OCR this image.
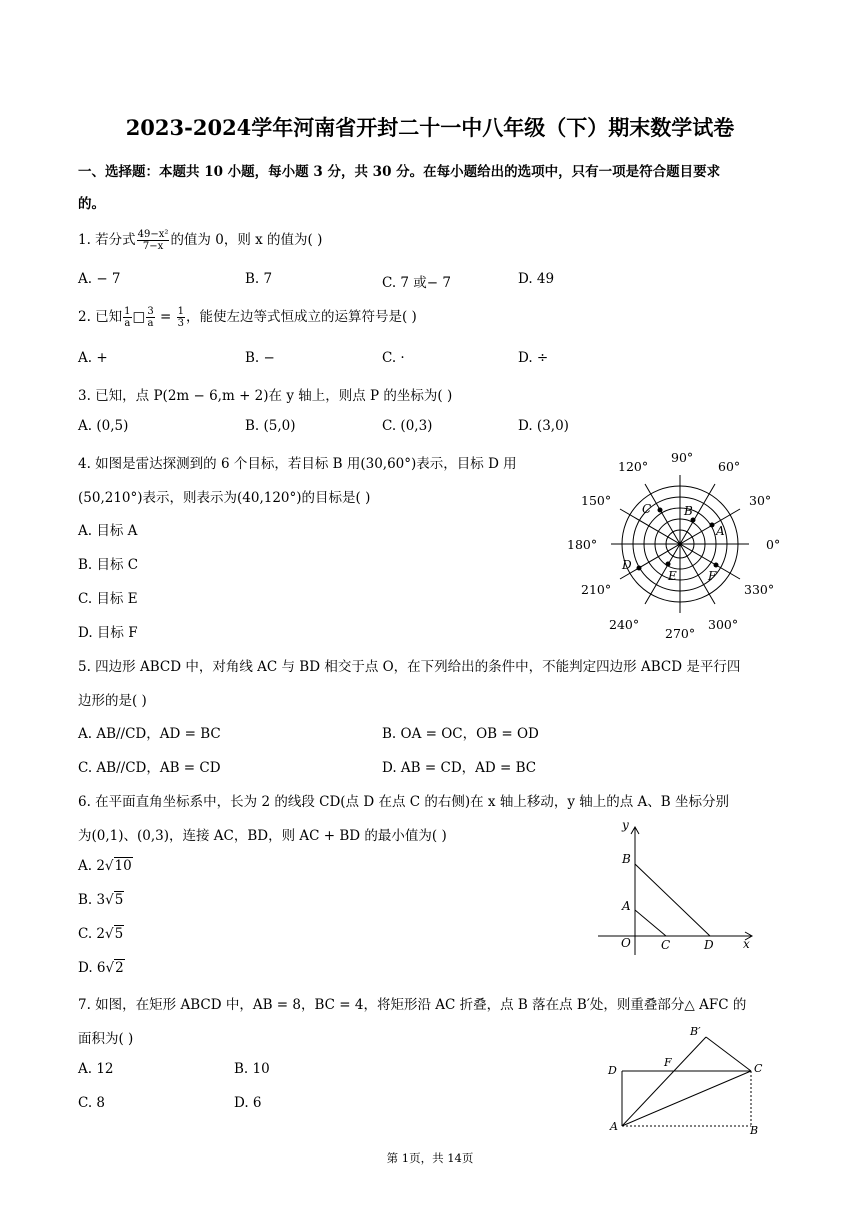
2023-2024学年河南省开封二十一中八年级（下）期末数学试卷
一、选择题：本题共 10 小题，每小题 3 分，共 30 分。在每小题给出的选项中，只有一项是符合题目要求
的。
1. 若分式 $\frac{\text{49−x²}}{7-x}$ 的值为 0，则 x 的值为( )
A. − 7	B. 7	C. 7 或− 7	D. 49
2. 已知 $\frac{1}{a}$ □ $\frac{3}{a} = \frac{1}{3}$ ，能使左边等式恒成立的运算符号是( )
A. +	B. −	C. ·	D. ÷
3. 已知，点 P(2m − 6,m + 2)在 y 轴上，则点 P 的坐标为( )
A. (0,5)	B. (5,0)	C. (0,3)	D. (3,0)
4. 如图是雷达探测到的 6 个目标，若目标 B 用(30,60°)表示，目标 D 用
(50,210°)表示，则表示为(40,120°)的目标是( )
A. 目标 A
B. 目标 C
C. 目标 E
D. 目标 F
90°
60°
30°
0°
330°
300°
270°
240°
210°
180°
150°
120°
A
B
C
D
E	F
5. 四边形 ABCD 中，对角线 AC 与 BD 相交于点 O，在下列给出的条件中，不能判定四边形 ABCD 是平行四
边形的是( )
A. AB//CD，AD = BC	B. OA = OC，OB = OD
C. AB//CD，AB = CD	D. AB = CD，AD = BC
6. 在平面直角坐标系中，长为 2 的线段 CD(点 D 在点 C 的右侧)在 x 轴上移动，y 轴上的点 A、B 坐标分别
为(0,1)、(0,3)，连接 AC，BD，则 AC + BD 的最小值为( )
A. 2√10
B. 3√5
C. 2√5
D. 6√2
y
x
B
A
O	C	D
7. 如图，在矩形 ABCD 中，AB = 8，BC = 4，将矩形沿 AC 折叠，点 B 落在点 B′处，则重叠部分△ AFC 的
面积为( )
A. 12	B. 10
C. 8	D. 6
B′
D
F	C
A	B
第 1页，共 14页
